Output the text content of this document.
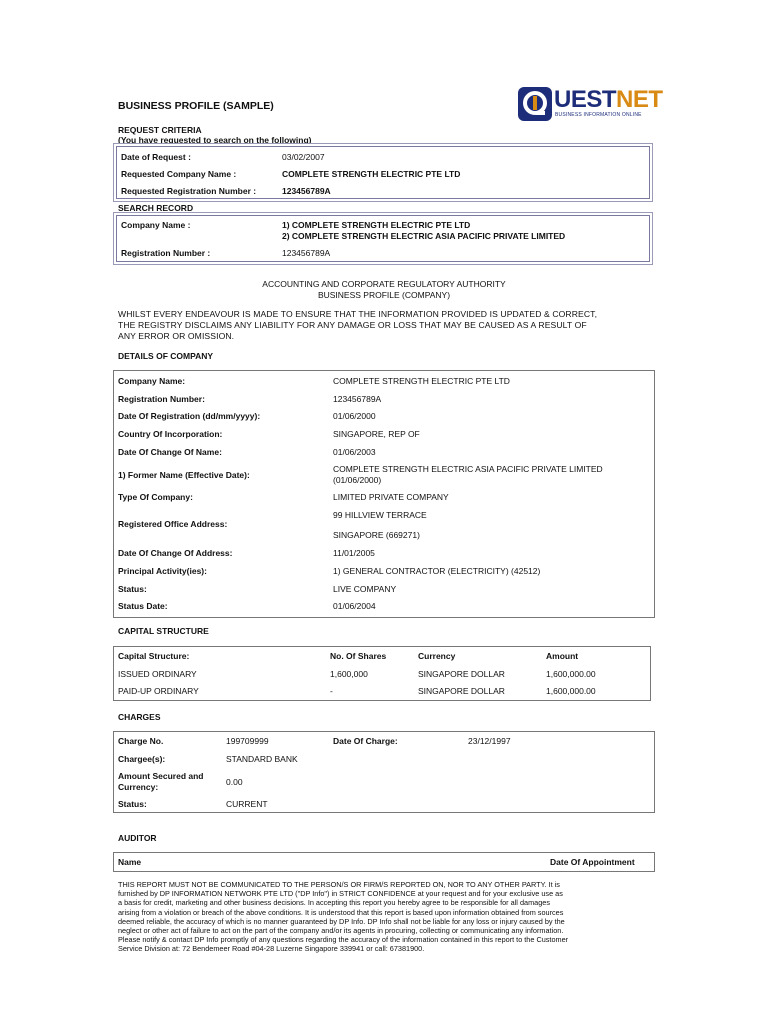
BUSINESS PROFILE (SAMPLE)	UESTNET
BUSINESS INFORMATION ONLINE
REQUEST CRITERIA
(You have requested to search on the following)
Date of Request :	03/02/2007
Requested Company Name :	COMPLETE STRENGTH ELECTRIC PTE LTD
Requested Registration Number :	123456789A
SEARCH RECORD
Company Name :	1) COMPLETE STRENGTH ELECTRIC PTE LTD
2) COMPLETE STRENGTH ELECTRIC ASIA PACIFIC PRIVATE LIMITED
Registration Number :	123456789A
ACCOUNTING AND CORPORATE REGULATORY AUTHORITY
BUSINESS PROFILE (COMPANY)
WHILST EVERY ENDEAVOUR IS MADE TO ENSURE THAT THE INFORMATION PROVIDED IS UPDATED & CORRECT,
THE REGISTRY DISCLAIMS ANY LIABILITY FOR ANY DAMAGE OR LOSS THAT MAY BE CAUSED AS A RESULT OF
ANY ERROR OR OMISSION.
DETAILS OF COMPANY
Company Name:	COMPLETE STRENGTH ELECTRIC PTE LTD
Registration Number:	123456789A
Date Of Registration (dd/mm/yyyy):	01/06/2000
Country Of Incorporation:	SINGAPORE, REP OF
Date Of Change Of Name:	01/06/2003
1) Former Name (Effective Date):
COMPLETE STRENGTH ELECTRIC ASIA PACIFIC PRIVATE LIMITED
(01/06/2000)
Type Of Company:	LIMITED PRIVATE COMPANY
Registered Office Address:
99 HILLVIEW TERRACE
SINGAPORE (669271)
Date Of Change Of Address:	11/01/2005
Principal Activity(ies):	1) GENERAL CONTRACTOR (ELECTRICITY) (42512)
Status:	LIVE COMPANY
Status Date:	01/06/2004
CAPITAL STRUCTURE
Capital Structure:	No. Of Shares	Currency	Amount
ISSUED ORDINARY	1,600,000	SINGAPORE DOLLAR	1,600,000.00
PAID-UP ORDINARY	-	SINGAPORE DOLLAR	1,600,000.00
CHARGES
Charge No.	199709999	Date Of Charge:	23/12/1997
Chargee(s):	STANDARD BANK
Amount Secured and
Currency:	0.00
Status:	CURRENT
AUDITOR
Name	Date Of Appointment
THIS REPORT MUST NOT BE COMMUNICATED TO THE PERSON/S OR FIRM/S REPORTED ON, NOR TO ANY OTHER PARTY. It is
furnished by DP INFORMATION NETWORK PTE LTD ("DP Info") in STRICT CONFIDENCE at your request and for your exclusive use as
a basis for credit, marketing and other business decisions. In accepting this report you hereby agree to be responsible for all damages
arising from a violation or breach of the above conditions. It is understood that this report is based upon information obtained from sources
deemed reliable, the accuracy of which is no manner guaranteed by DP Info. DP Info shall not be liable for any loss or injury caused by the
neglect or other act of failure to act on the part of the company and/or its agents in procuring, collecting or communicating any information.
Please notify & contact DP Info promptly of any questions regarding the accuracy of the information contained in this report to the Customer
Service Division at: 72 Bendemeer Road #04-28 Luzerne Singapore 339941 or call: 67381900.
